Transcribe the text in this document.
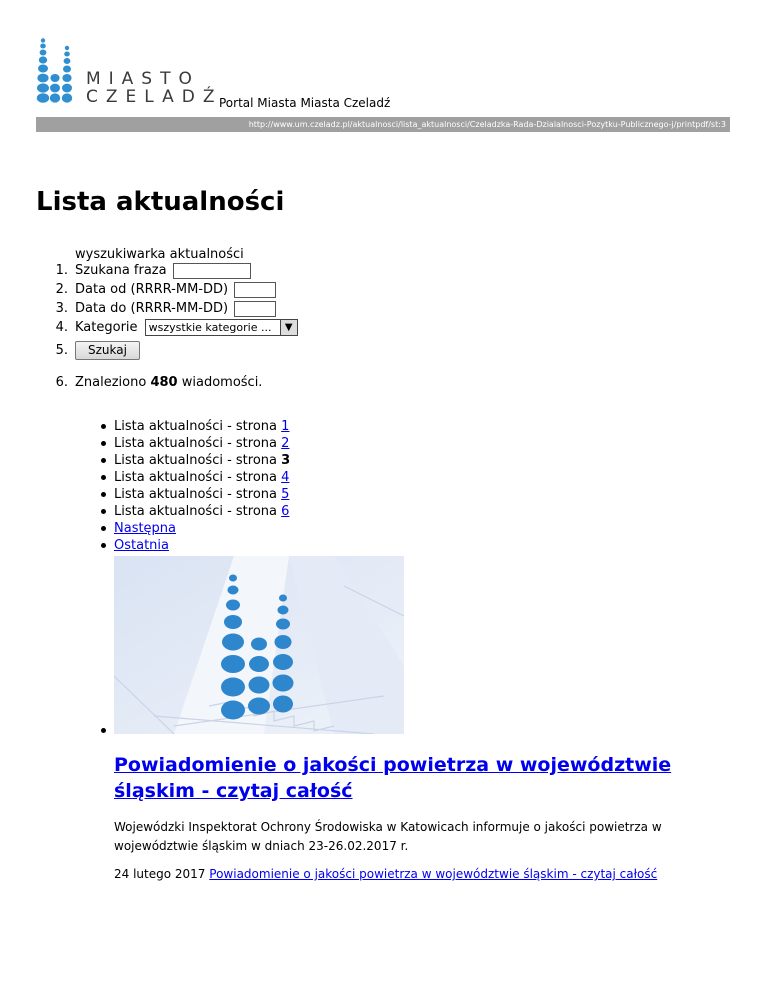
MIASTO
CZELADŹ
Portal Miasta Miasta Czeladź
http://www.um.czeladz.pl/aktualnosci/lista_aktualnosci/Czeladzka-Rada-Dzialalnosci-Pozytku-Publicznego-j/printpdf/st:3
Lista aktualności
wyszukiwarka aktualności
1. Szukana fraza
2. Data od (RRRR-MM-DD)
3. Data do (RRRR-MM-DD)
4. Kategorie wszystkie kategorie ...	▼
5.	Szukaj
6. Znaleziono 480 wiadomości.
Lista aktualności - strona 1
Lista aktualności - strona 2
Lista aktualności - strona 3
Lista aktualności - strona 4
Lista aktualności - strona 5
Lista aktualności - strona 6
Następna
Ostatnia
Powiadomienie o jakości powietrza w województwie śląskim - czytaj całość

Wojewódzki Inspektorat Ochrony Środowiska w Katowicach informuje o jakości powietrza w województwie śląskim w dniach 23-26.02.2017 r.

24 lutego 2017 Powiadomienie o jakości powietrza w województwie śląskim - czytaj całość
